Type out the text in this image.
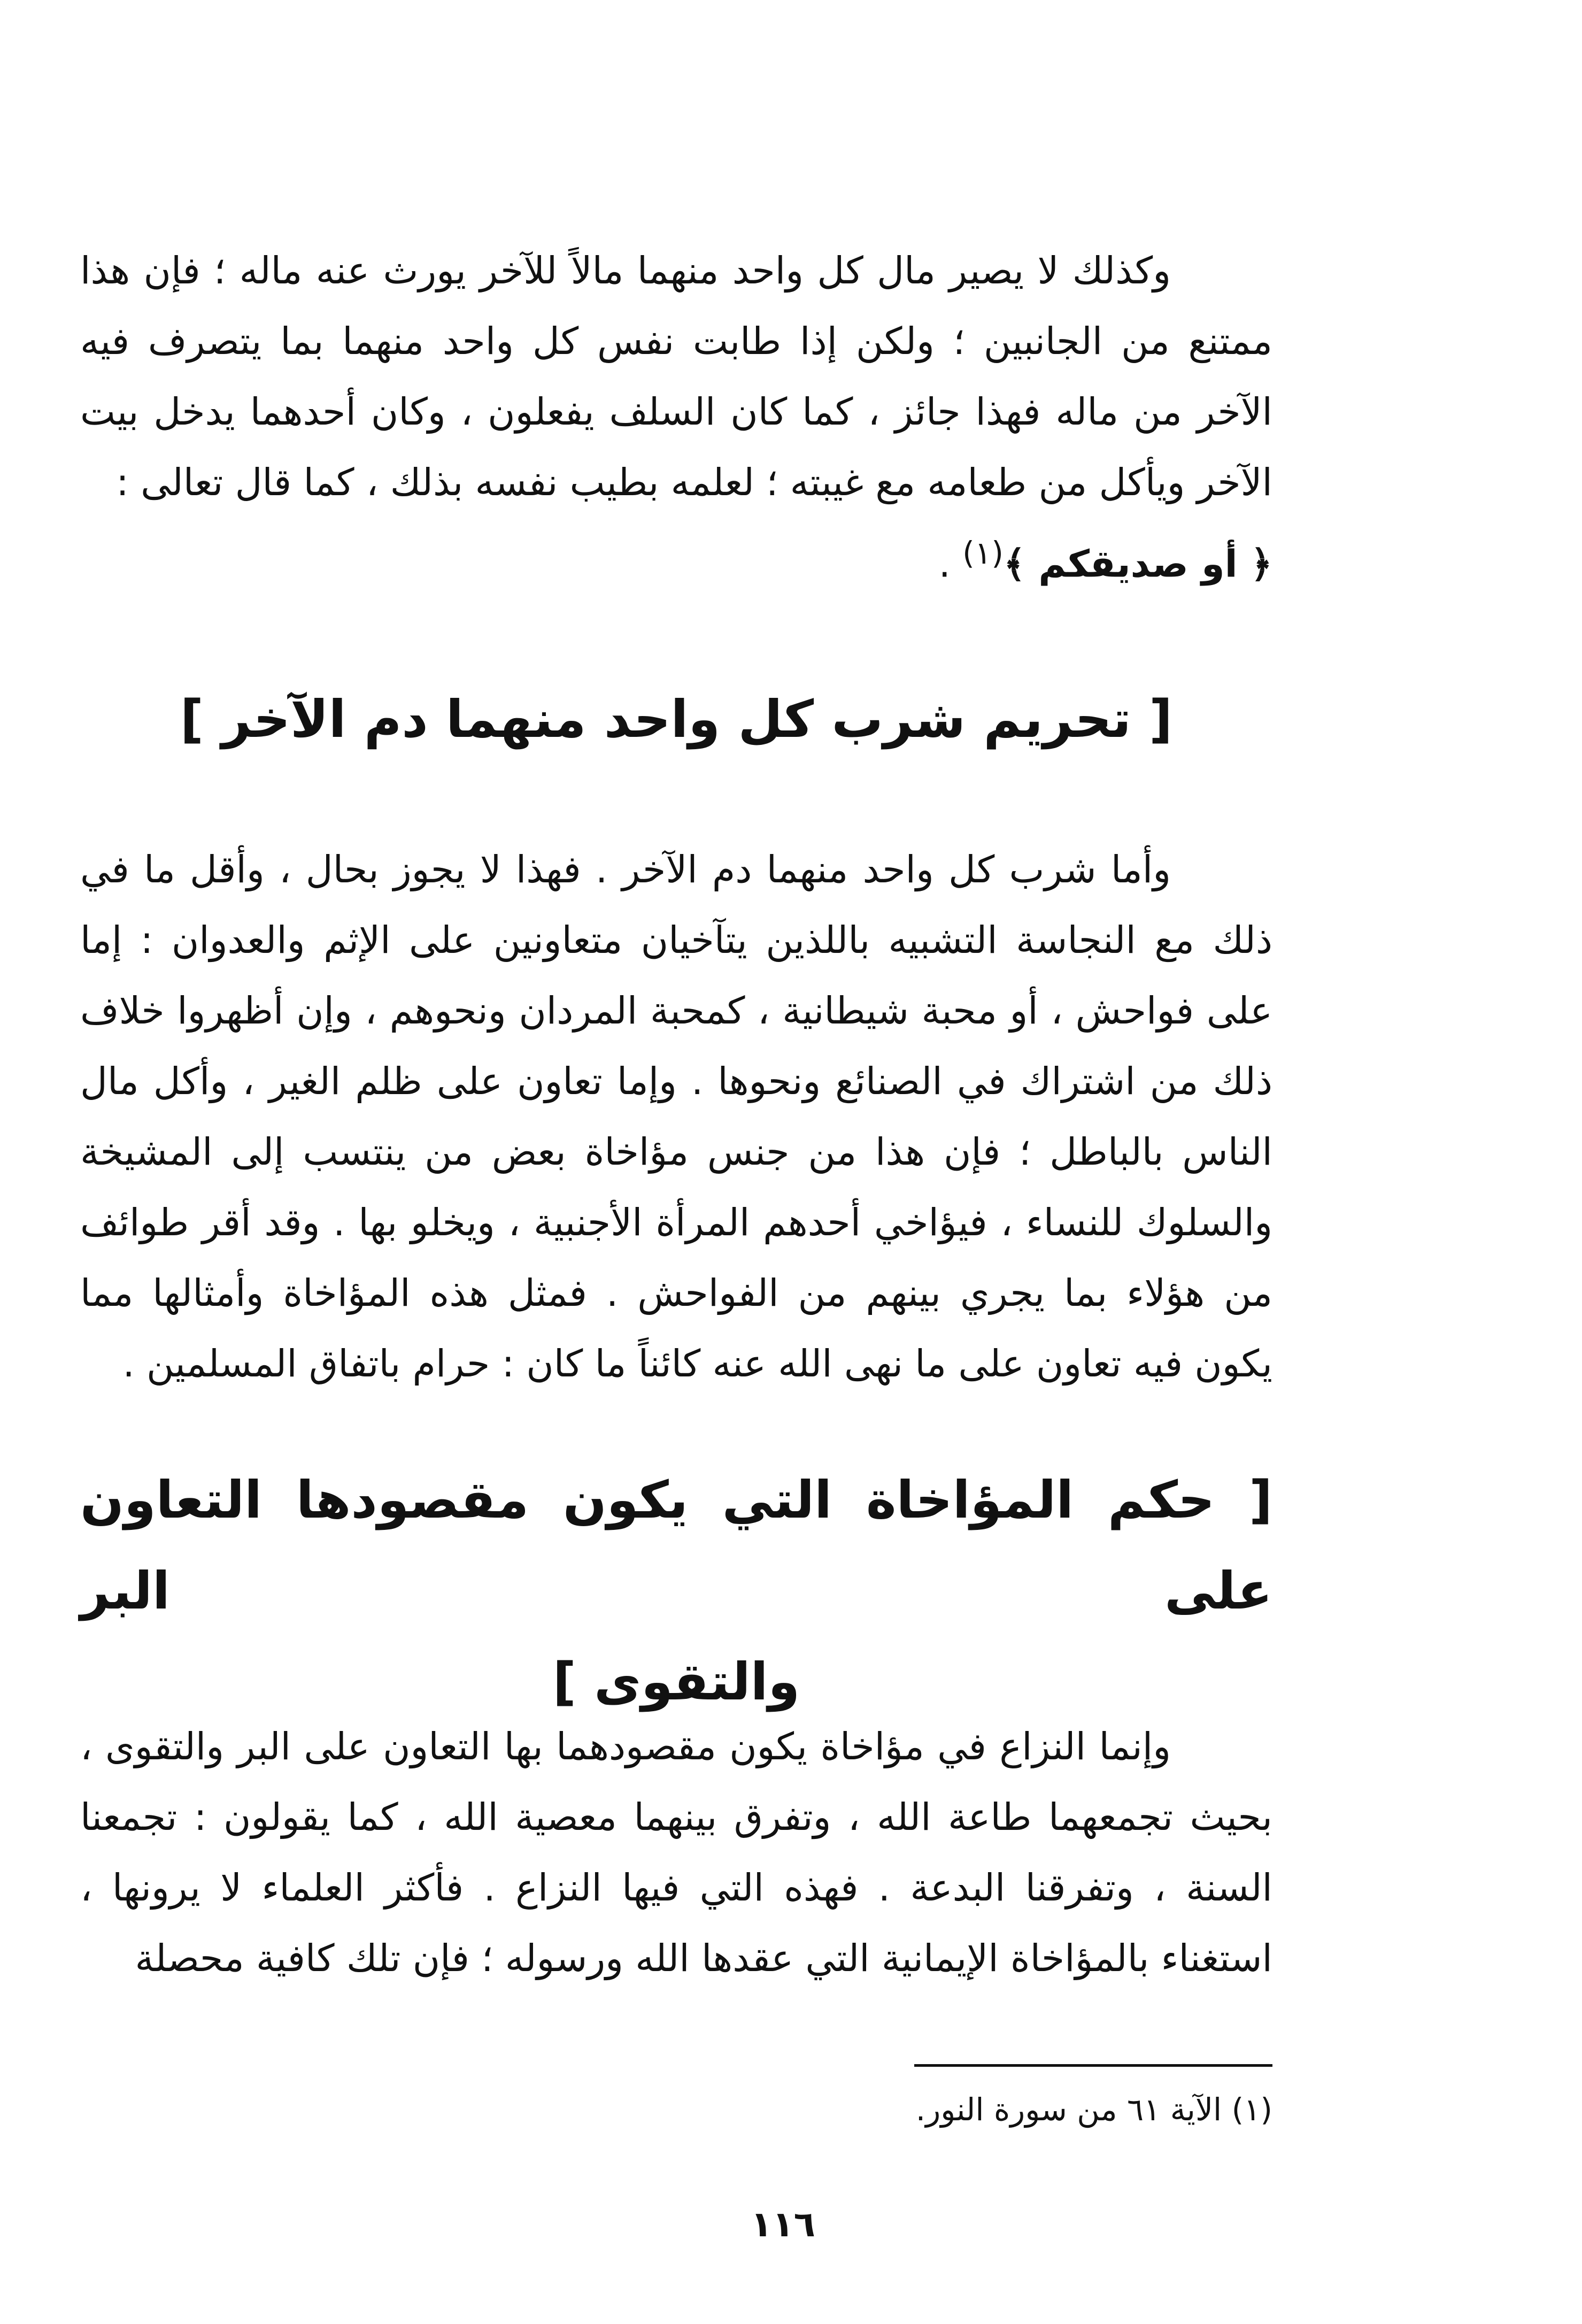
وكذلك لا يصير مال كل واحد منهما مالاً للآخر يورث عنه ماله ؛ فإن هذا ممتنع من الجانبين ؛ ولكن إذا طابت نفس كل واحد منهما بما يتصرف فيه الآخر من ماله فهذا جائز ، كما كان السلف يفعلون ، وكان أحدهما يدخل بيت الآخر ويأكل من طعامه مع غيبته ؛ لعلمه بطيب نفسه بذلك ، كما قال تعالى :
﴿ أو صديقكم ﴾$^{(١)}$ .

[ تحريم شرب كل واحد منهما دم الآخر ]

وأما شرب كل واحد منهما دم الآخر . فهذا لا يجوز بحال ، وأقل ما في ذلك مع النجاسة التشبيه باللذين يتآخيان متعاونين على الإثم والعدوان : إما على فواحش ، أو محبة شيطانية ، كمحبة المردان ونحوهم ، وإن أظهروا خلاف ذلك من اشتراك في الصنائع ونحوها . وإما تعاون على ظلم الغير ، وأكل مال الناس بالباطل ؛ فإن هذا من جنس مؤاخاة بعض من ينتسب إلى المشيخة والسلوك للنساء ، فيؤاخي أحدهم المرأة الأجنبية ، ويخلو بها . وقد أقر طوائف من هؤلاء بما يجري بينهم من الفواحش . فمثل هذه المؤاخاة وأمثالها مما يكون فيه تعاون على ما نهى الله عنه كائناً ما كان : حرام باتفاق المسلمين .

[ حكم المؤاخاة التي يكون مقصودها التعاون على البر
والتقوى ]

وإنما النزاع في مؤاخاة يكون مقصودهما بها التعاون على البر والتقوى ، بحيث تجمعهما طاعة الله ، وتفرق بينهما معصية الله ، كما يقولون : تجمعنا السنة ، وتفرقنا البدعة . فهذه التي فيها النزاع . فأكثر العلماء لا يرونها ، استغناء بالمؤاخاة الإيمانية التي عقدها الله ورسوله ؛ فإن تلك كافية محصلة

(١) الآية ٦١ من سورة النور.
١١٦
